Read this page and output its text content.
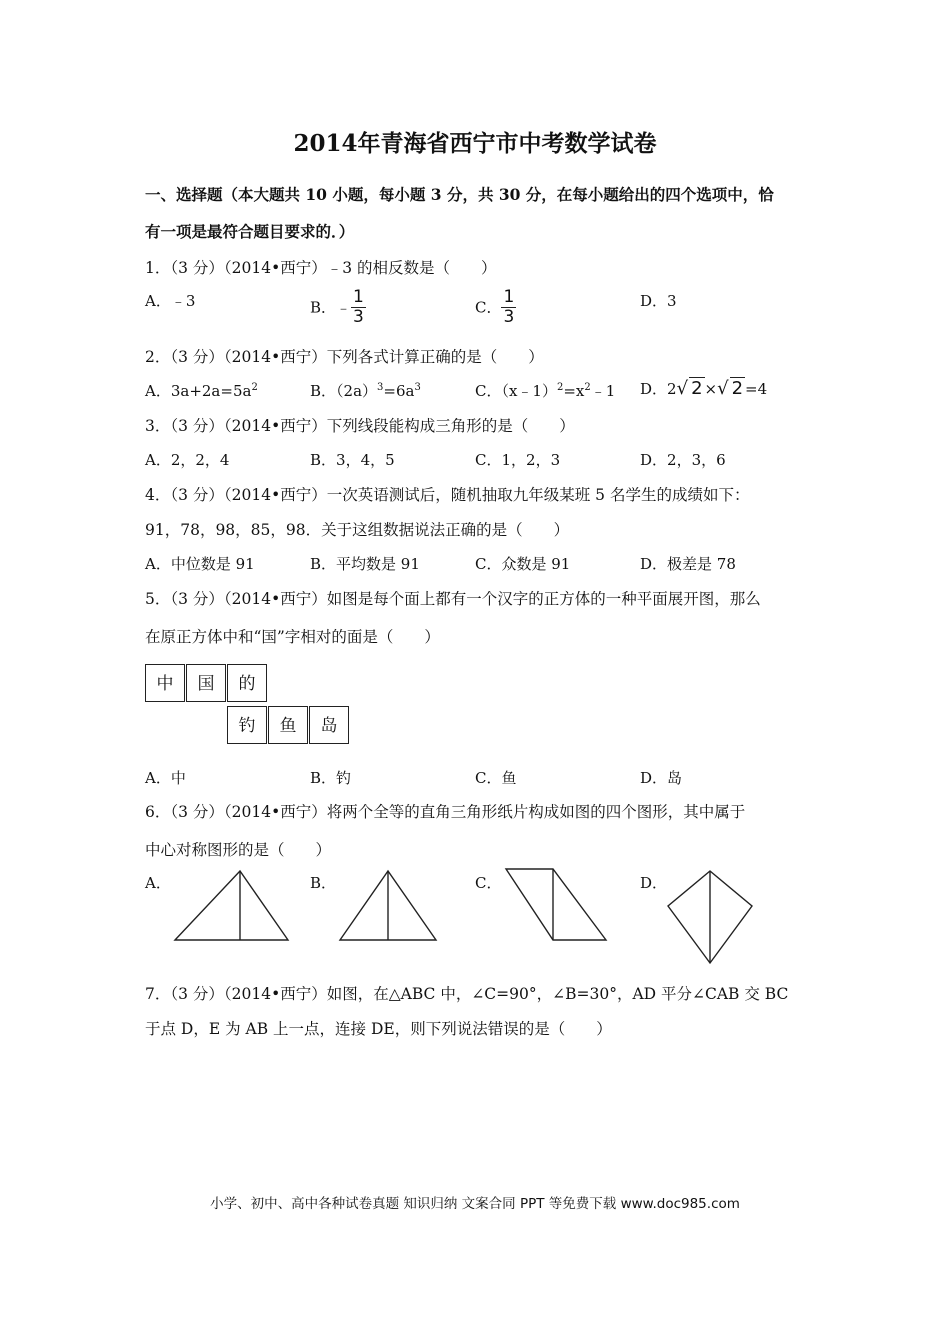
2014年青海省西宁市中考数学试卷
一、选择题（本大题共 10 小题，每小题 3 分，共 30 分，在每小题给出的四个选项中，恰
有一项是最符合题目要求的．）
1．（3 分）（2014•西宁）﹣3 的相反数是（　　）
A．﹣3	B．﹣ $\frac{1}{3}$	C． $\frac{1}{3}$	D．3
2．（3 分）（2014•西宁）下列各式计算正确的是（　　）
A．$3a+2a=5a^2$	B．$(2a)^3=6a^3$	C．$(x﹣1)^2=x^2﹣1$ D．2√ 2 ×√ 2 =4
3．（3 分）（2014•西宁）下列线段能构成三角形的是（　　）
A．2，2，4	B．3，4，5	C．1，2，3	D．2，3，6
4．（3 分）（2014•西宁）一次英语测试后，随机抽取九年级某班 5 名学生的成绩如下：
91，78，98，85，98．关于这组数据说法正确的是（　　）
A．中位数是 91	B．平均数是 91	C．众数是 91	D．极差是 78
5．（3 分）（2014•西宁）如图是每个面上都有一个汉字的正方体的一种平面展开图，那么
在原正方体中和“国”字相对的面是（　　）
中	国	的
钓	鱼	岛
A．中	B．钓	C．鱼	D．岛
6．（3 分）（2014•西宁）将两个全等的直角三角形纸片构成如图的四个图形，其中属于
中心对称图形的是（　　）
A．	B．	C．	D．
7．（3 分）（2014•西宁）如图，在△ABC 中，∠C=90°，∠B=30°，AD 平分∠CAB 交 BC
于点 D，E 为 AB 上一点，连接 DE，则下列说法错误的是（　　）
小学、初中、高中各种试卷真题 知识归纳 文案合同 PPT 等免费下载 www.doc985.com
